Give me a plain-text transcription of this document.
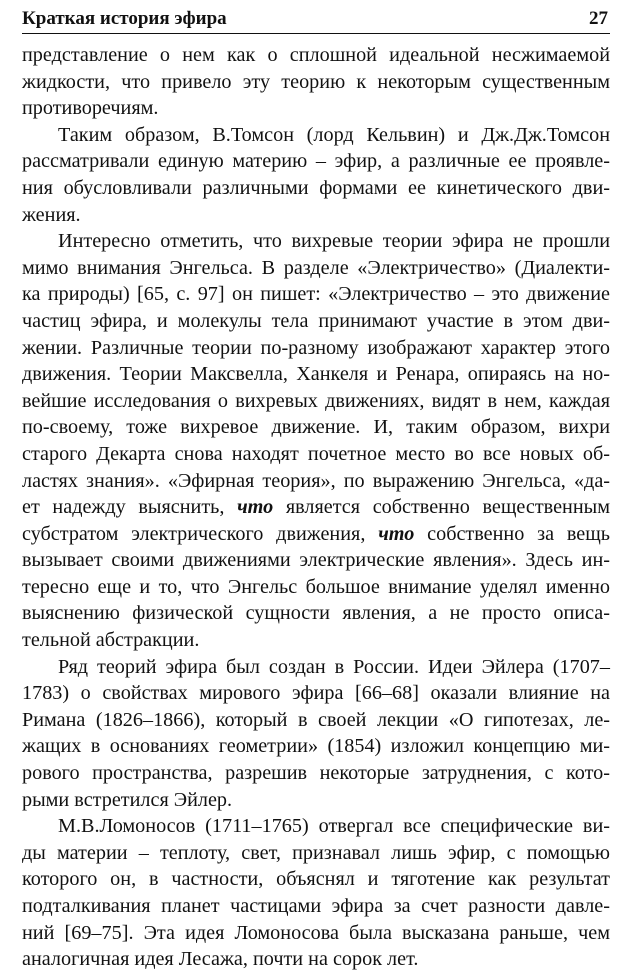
Краткая история эфира	27
представление о нем как о сплошной идеальной несжимаемой
жидкости, что привело эту теорию к некоторым существенным
противоречиям.
Таким образом, В.Томсон (лорд Кельвин) и Дж.Дж.Томсон
рассматривали единую материю – эфир, а различные ее проявле-
ния обусловливали различными формами ее кинетического дви-
жения.
Интересно отметить, что вихревые теории эфира не прошли
мимо внимания Энгельса. В разделе «Электричество» (Диалекти-
ка природы) [65, с. 97] он пишет: «Электричество – это движение
частиц эфира, и молекулы тела принимают участие в этом дви-
жении. Различные теории по-разному изображают характер этого
движения. Теории Максвелла, Ханкеля и Ренара, опираясь на но-
вейшие исследования о вихревых движениях, видят в нем, каждая
по-своему, тоже вихревое движение. И, таким образом, вихри
старого Декарта снова находят почетное место во все новых об-
ластях знания». «Эфирная теория», по выражению Энгельса, «да-
ет надежду выяснить, что является собственно вещественным
субстратом электрического движения, что собственно за вещь
вызывает своими движениями электрические явления». Здесь ин-
тересно еще и то, что Энгельс большое внимание уделял именно
выяснению физической сущности явления, а не просто описа-
тельной абстракции.
Ряд теорий эфира был создан в России. Идеи Эйлера (1707–
1783) о свойствах мирового эфира [66–68] оказали влияние на
Римана (1826–1866), который в своей лекции «О гипотезах, ле-
жащих в основаниях геометрии» (1854) изложил концепцию ми-
рового пространства, разрешив некоторые затруднения, с кото-
рыми встретился Эйлер.
М.В.Ломоносов (1711–1765) отвергал все специфические ви-
ды материи – теплоту, свет, признавал лишь эфир, с помощью
которого он, в частности, объяснял и тяготение как результат
подталкивания планет частицами эфира за счет разности давле-
ний [69–75]. Эта идея Ломоносова была высказана раньше, чем
аналогичная идея Лесажа, почти на сорок лет.
